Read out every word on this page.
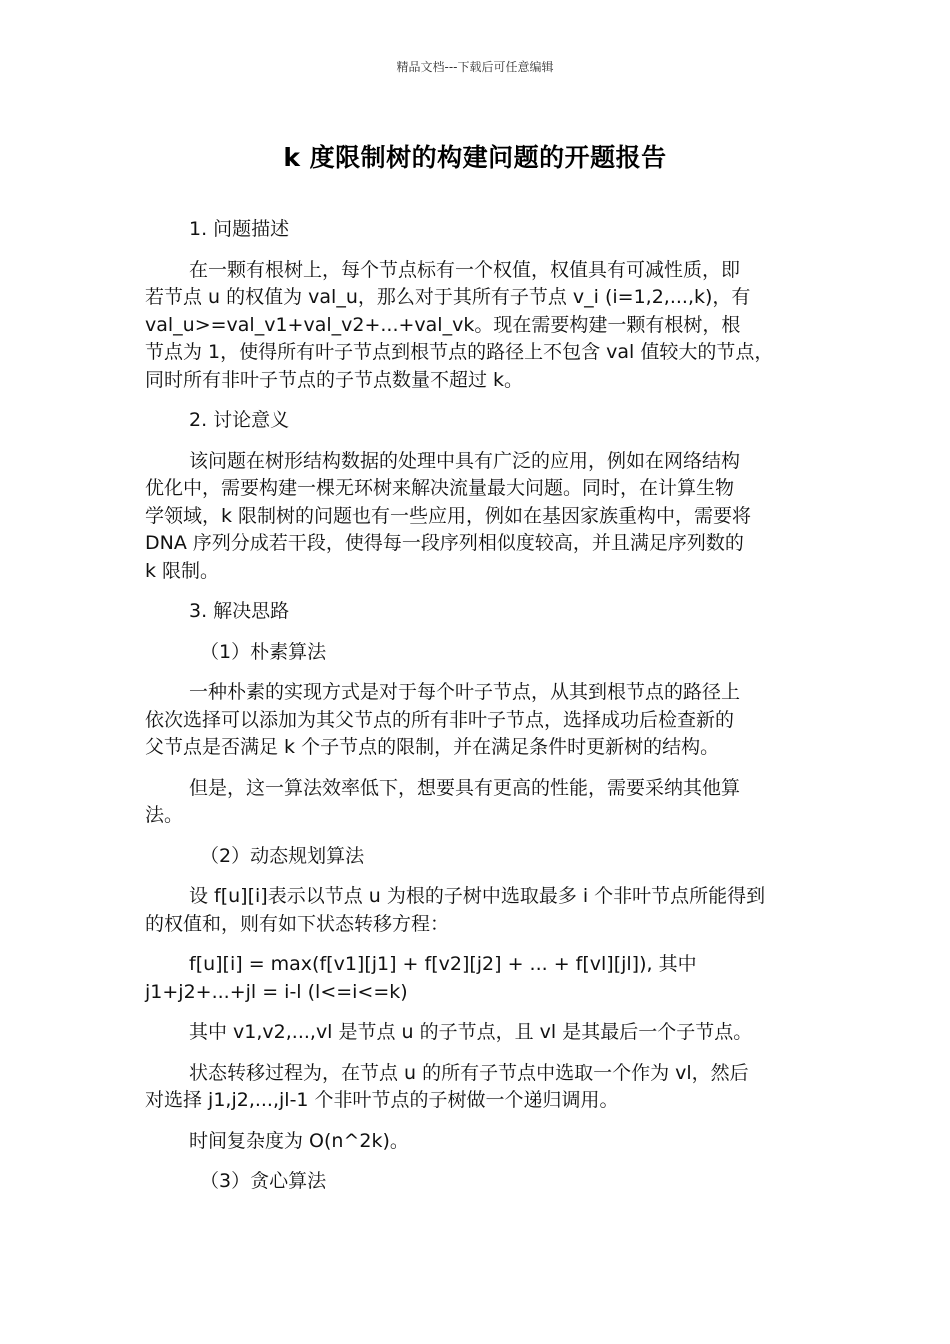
精品文档---下载后可任意编辑
k 度限制树的构建问题的开题报告

1. 问题描述

在一颗有根树上，每个节点标有一个权值，权值具有可减性质，即
若节点 u 的权值为 val_u，那么对于其所有子节点 v_i (i=1,2,...,k)，有
val_u>=val_v1+val_v2+...+val_vk。现在需要构建一颗有根树，根
节点为 1，使得所有叶子节点到根节点的路径上不包含 val 值较大的节点，
同时所有非叶子节点的子节点数量不超过 k。

2. 讨论意义

该问题在树形结构数据的处理中具有广泛的应用，例如在网络结构
优化中，需要构建一棵无环树来解决流量最大问题。同时，在计算生物
学领域，k 限制树的问题也有一些应用，例如在基因家族重构中，需要将
DNA 序列分成若干段，使得每一段序列相似度较高，并且满足序列数的
k 限制。

3. 解决思路

（1）朴素算法

一种朴素的实现方式是对于每个叶子节点，从其到根节点的路径上
依次选择可以添加为其父节点的所有非叶子节点，选择成功后检查新的
父节点是否满足 k 个子节点的限制，并在满足条件时更新树的结构。

但是，这一算法效率低下，想要具有更高的性能，需要采纳其他算
法。

（2）动态规划算法

设 f[u][i]表示以节点 u 为根的子树中选取最多 i 个非叶节点所能得到
的权值和，则有如下状态转移方程：

f[u][i] = max(f[v1][j1] + f[v2][j2] + ... + f[vl][jl]), 其中
j1+j2+...+jl = i-l (l<=i<=k)

其中 v1,v2,...,vl 是节点 u 的子节点，且 vl 是其最后一个子节点。

状态转移过程为，在节点 u 的所有子节点中选取一个作为 vl，然后
对选择 j1,j2,...,jl-1 个非叶节点的子树做一个递归调用。

时间复杂度为 O(n^2k)。

（3）贪心算法
